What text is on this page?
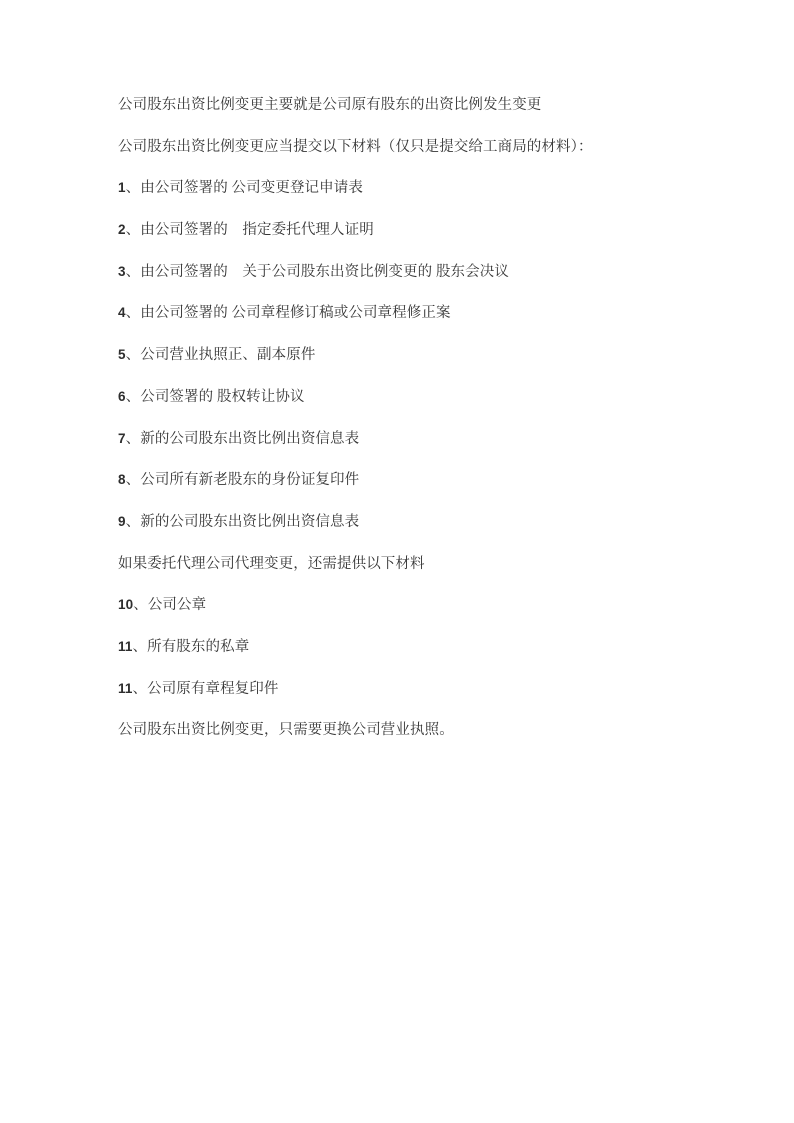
公司股东出资比例变更主要就是公司原有股东的出资比例发生变更

公司股东出资比例变更应当提交以下材料（仅只是提交给工商局的材料）：

1、由公司签署的 公司变更登记申请表

2、由公司签署的　指定委托代理人证明

3、由公司签署的　关于公司股东出资比例变更的 股东会决议

4、由公司签署的 公司章程修订稿或公司章程修正案

5、公司营业执照正、副本原件

6、公司签署的 股权转让协议

7、新的公司股东出资比例出资信息表

8、公司所有新老股东的身份证复印件

9、新的公司股东出资比例出资信息表

如果委托代理公司代理变更，还需提供以下材料

10、公司公章

11、所有股东的私章

11、公司原有章程复印件

公司股东出资比例变更，只需要更换公司营业执照。
